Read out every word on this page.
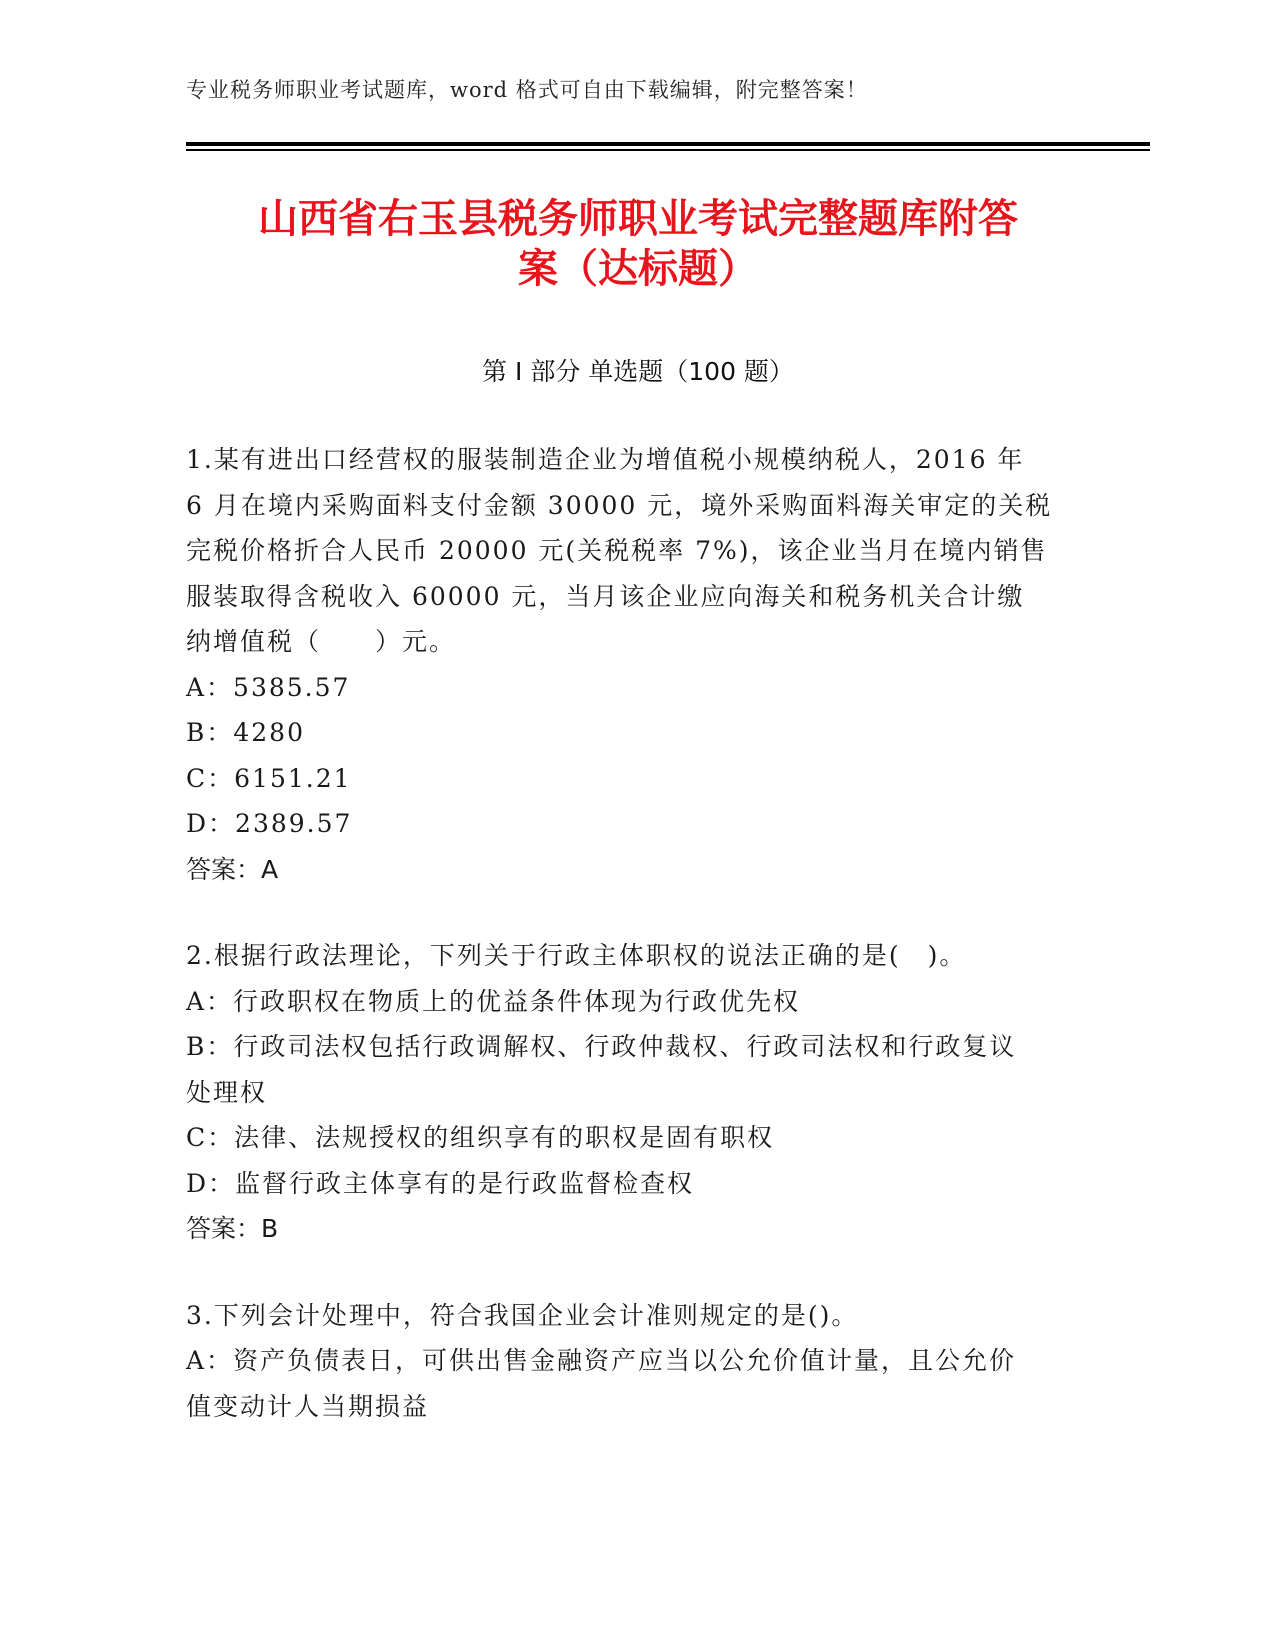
专业税务师职业考试题库，word 格式可自由下载编辑，附完整答案！
山西省右玉县税务师职业考试完整题库附答
案（达标题）
第 I 部分 单选题（100 题）
1.某有进出口经营权的服装制造企业为增值税小规模纳税人，2016 年
6 月在境内采购面料支付金额 30000 元，境外采购面料海关审定的关税
完税价格折合人民币 20000 元(关税税率 7%)，该企业当月在境内销售
服装取得含税收入 60000 元，当月该企业应向海关和税务机关合计缴
纳增值税（　　）元。
A：5385.57
B：4280
C：6151.21
D：2389.57
答案：A
2.根据行政法理论，下列关于行政主体职权的说法正确的是(　)。
A：行政职权在物质上的优益条件体现为行政优先权
B：行政司法权包括行政调解权、行政仲裁权、行政司法权和行政复议
处理权
C：法律、法规授权的组织享有的职权是固有职权
D：监督行政主体享有的是行政监督检查权
答案：B
3.下列会计处理中，符合我国企业会计准则规定的是()。
A：资产负债表日，可供出售金融资产应当以公允价值计量，且公允价
值变动计人当期损益
